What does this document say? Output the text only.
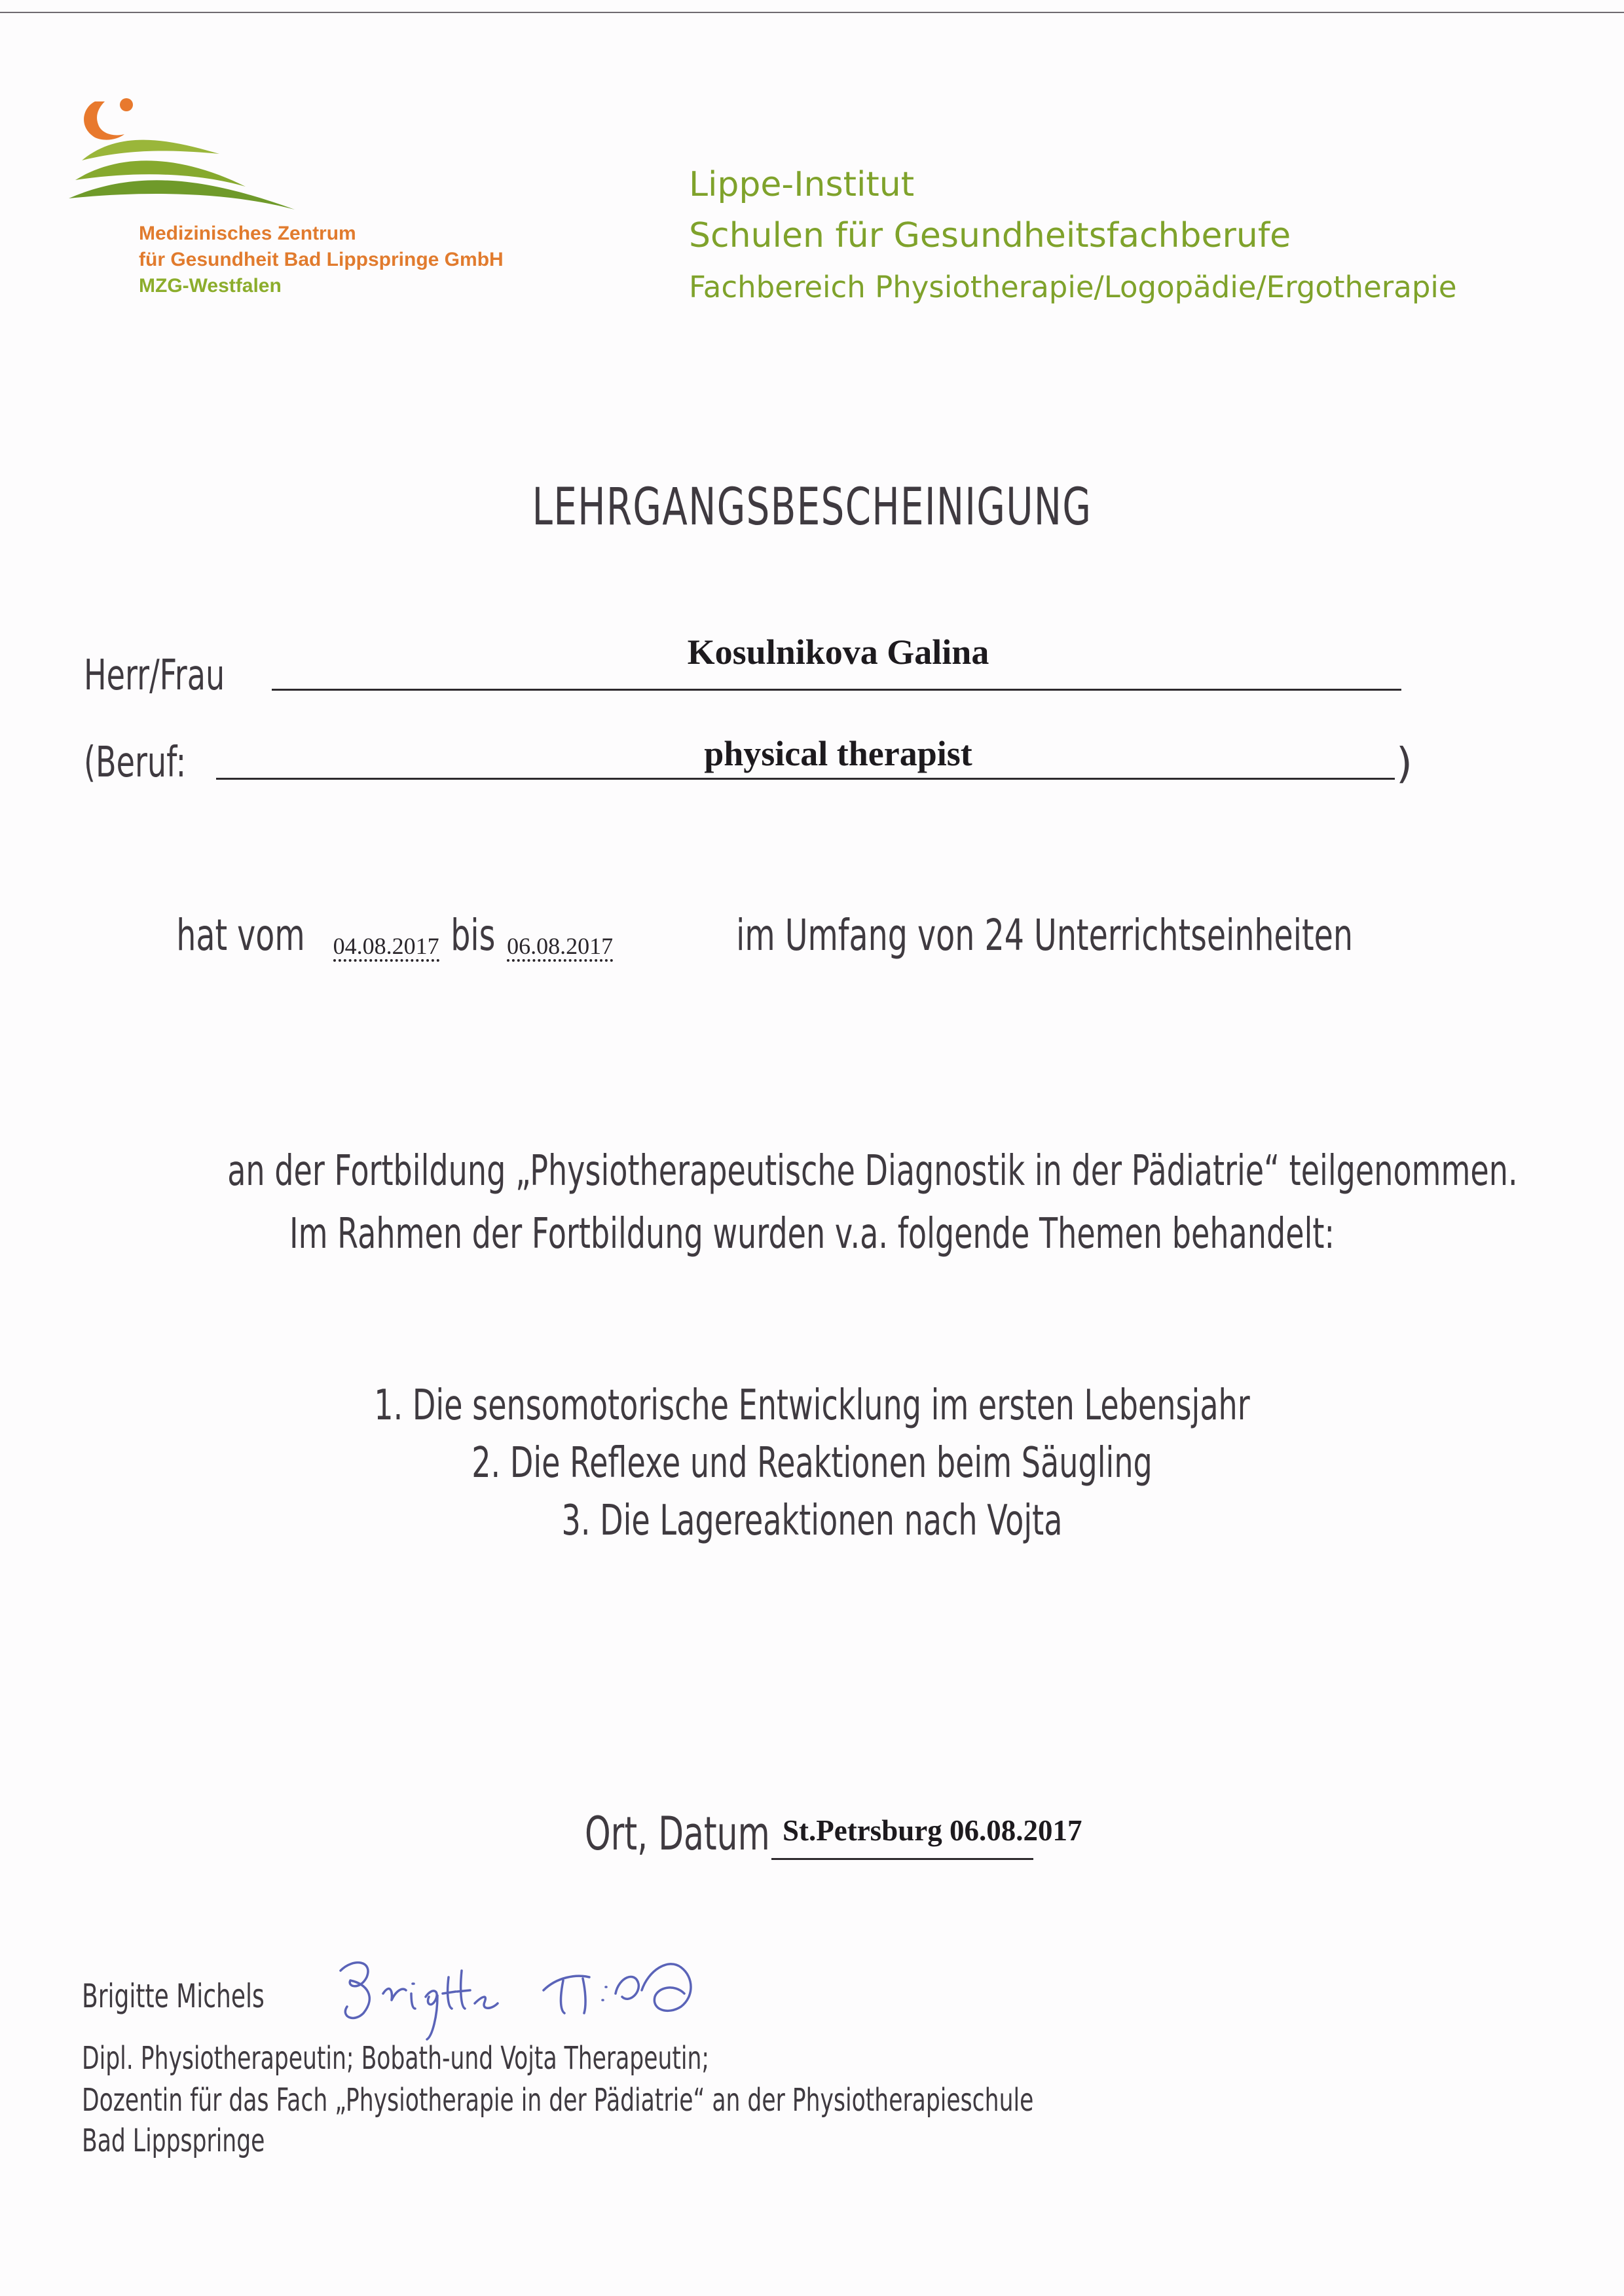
Medizinisches Zentrum
für Gesundheit Bad Lippspringe GmbH
MZG-Westfalen
Lippe-Institut
Schulen für Gesundheitsfachberufe
Fachbereich Physiotherapie/Logopädie/Ergotherapie
LEHRGANGSBESCHEINIGUNG
Herr/Frau	Kosulnikova Galina
(Beruf:	physical therapist	)
hat vom 04.08.2017 bis 06.08.2017	im Umfang von 24 Unterrichtseinheiten
an der Fortbildung „Physiotherapeutische Diagnostik in der Pädiatrie“ teilgenommen.
Im Rahmen der Fortbildung wurden v.a. folgende Themen behandelt:
1. Die sensomotorische Entwicklung im ersten Lebensjahr
2. Die Reflexe und Reaktionen beim Säugling
3. Die Lagereaktionen nach Vojta
Ort, Datum St.Petrsburg 06.08.2017
Brigitte Michels
Dipl. Physiotherapeutin; Bobath-und Vojta Therapeutin;
Dozentin für das Fach „Physiotherapie in der Pädiatrie“ an der Physiotherapieschule
Bad Lippspringe
